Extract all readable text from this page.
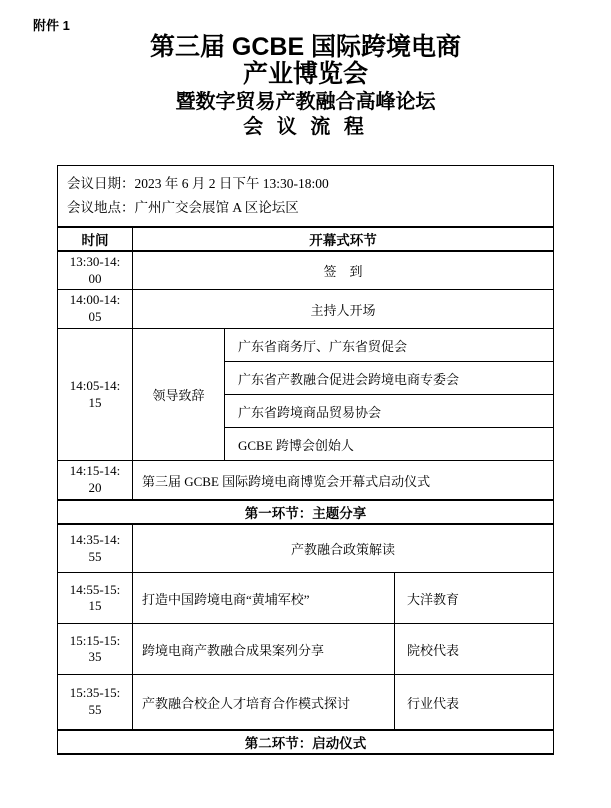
附件 1
第三届 GCBE 国际跨境电商
产业博览会
暨数字贸易产教融合高峰论坛
会 议 流 程
会议日期：2023 年 6 月 2 日下午 13:30-18:00
会议地点：广州广交会展馆 A 区论坛区			

时间	开幕式环节		

13:30-14:
00	签　到		

14:00-14:
05	主持人开场		

14:05-14:
15	领导致辞	广东省商务厅、广东省贸促会	
		广东省产教融合促进会跨境电商专委会	
		广东省跨境商品贸易协会	
		GCBE 跨博会创始人	

14:15-14:
20	第三届 GCBE 国际跨境电商博览会开幕式启动仪式		
第一环节：主题分享			

14:35-14:
55	产教融合政策解读		

14:55-15:
15	打造中国跨境电商“黄埔军校”		大洋教育

15:15-15:
35	跨境电商产教融合成果案列分享		院校代表

15:35-15:
55	产教融合校企人才培育合作模式探讨		行业代表
第二环节：启动仪式			
